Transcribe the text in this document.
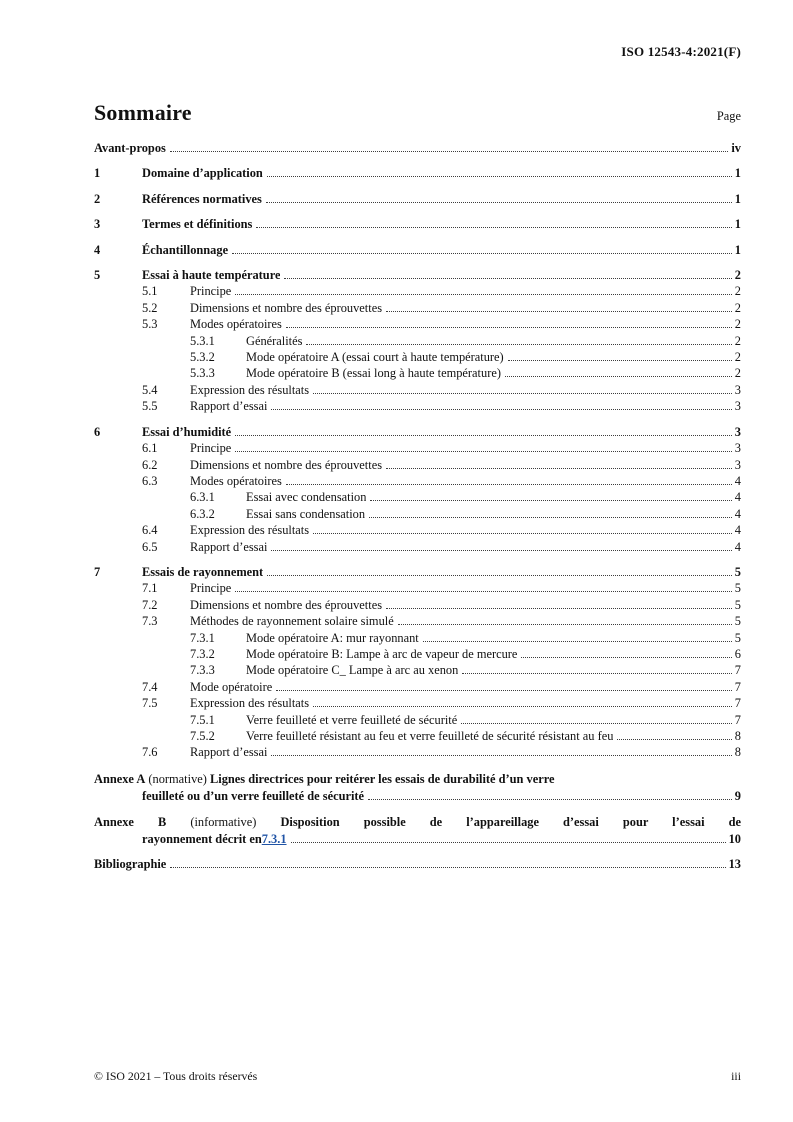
ISO 12543-4:2021(F)
Sommaire	Page
Avant-propos	iv
1	Domaine d’application	1
2	Références normatives	1
3	Termes et définitions	1
4	Échantillonnage	1
5	Essai à haute température	2
5.1	Principe	2
5.2	Dimensions et nombre des éprouvettes	2
5.3	Modes opératoires	2
5.3.1	Généralités	2
5.3.2	Mode opératoire A (essai court à haute température)	2
5.3.3	Mode opératoire B (essai long à haute température)	2
5.4	Expression des résultats	3
5.5	Rapport d’essai	3
6	Essai d’humidité	3
6.1	Principe	3
6.2	Dimensions et nombre des éprouvettes	3
6.3	Modes opératoires	4
6.3.1	Essai avec condensation	4
6.3.2	Essai sans condensation	4
6.4	Expression des résultats	4
6.5	Rapport d’essai	4
7	Essais de rayonnement	5
7.1	Principe	5
7.2	Dimensions et nombre des éprouvettes	5
7.3	Méthodes de rayonnement solaire simulé	5
7.3.1	Mode opératoire A: mur rayonnant	5
7.3.2	Mode opératoire B: Lampe à arc de vapeur de mercure	6
7.3.3	Mode opératoire C_ Lampe à arc au xenon	7
7.4	Mode opératoire	7
7.5	Expression des résultats	7
7.5.1	Verre feuilleté et verre feuilleté de sécurité	7
7.5.2	Verre feuilleté résistant au feu et verre feuilleté de sécurité résistant au feu	8
7.6	Rapport d’essai	8
Annexe A (normative) Lignes directrices pour reitérer les essais de durabilité d’un verre
feuilleté ou d’un verre feuilleté de sécurité	9
Annexe B (informative) Disposition possible de l’appareillage d’essai pour l’essai de
rayonnement décrit en 7.3.1	10
Bibliographie	13
© ISO 2021 – Tous droits réservés	iii
